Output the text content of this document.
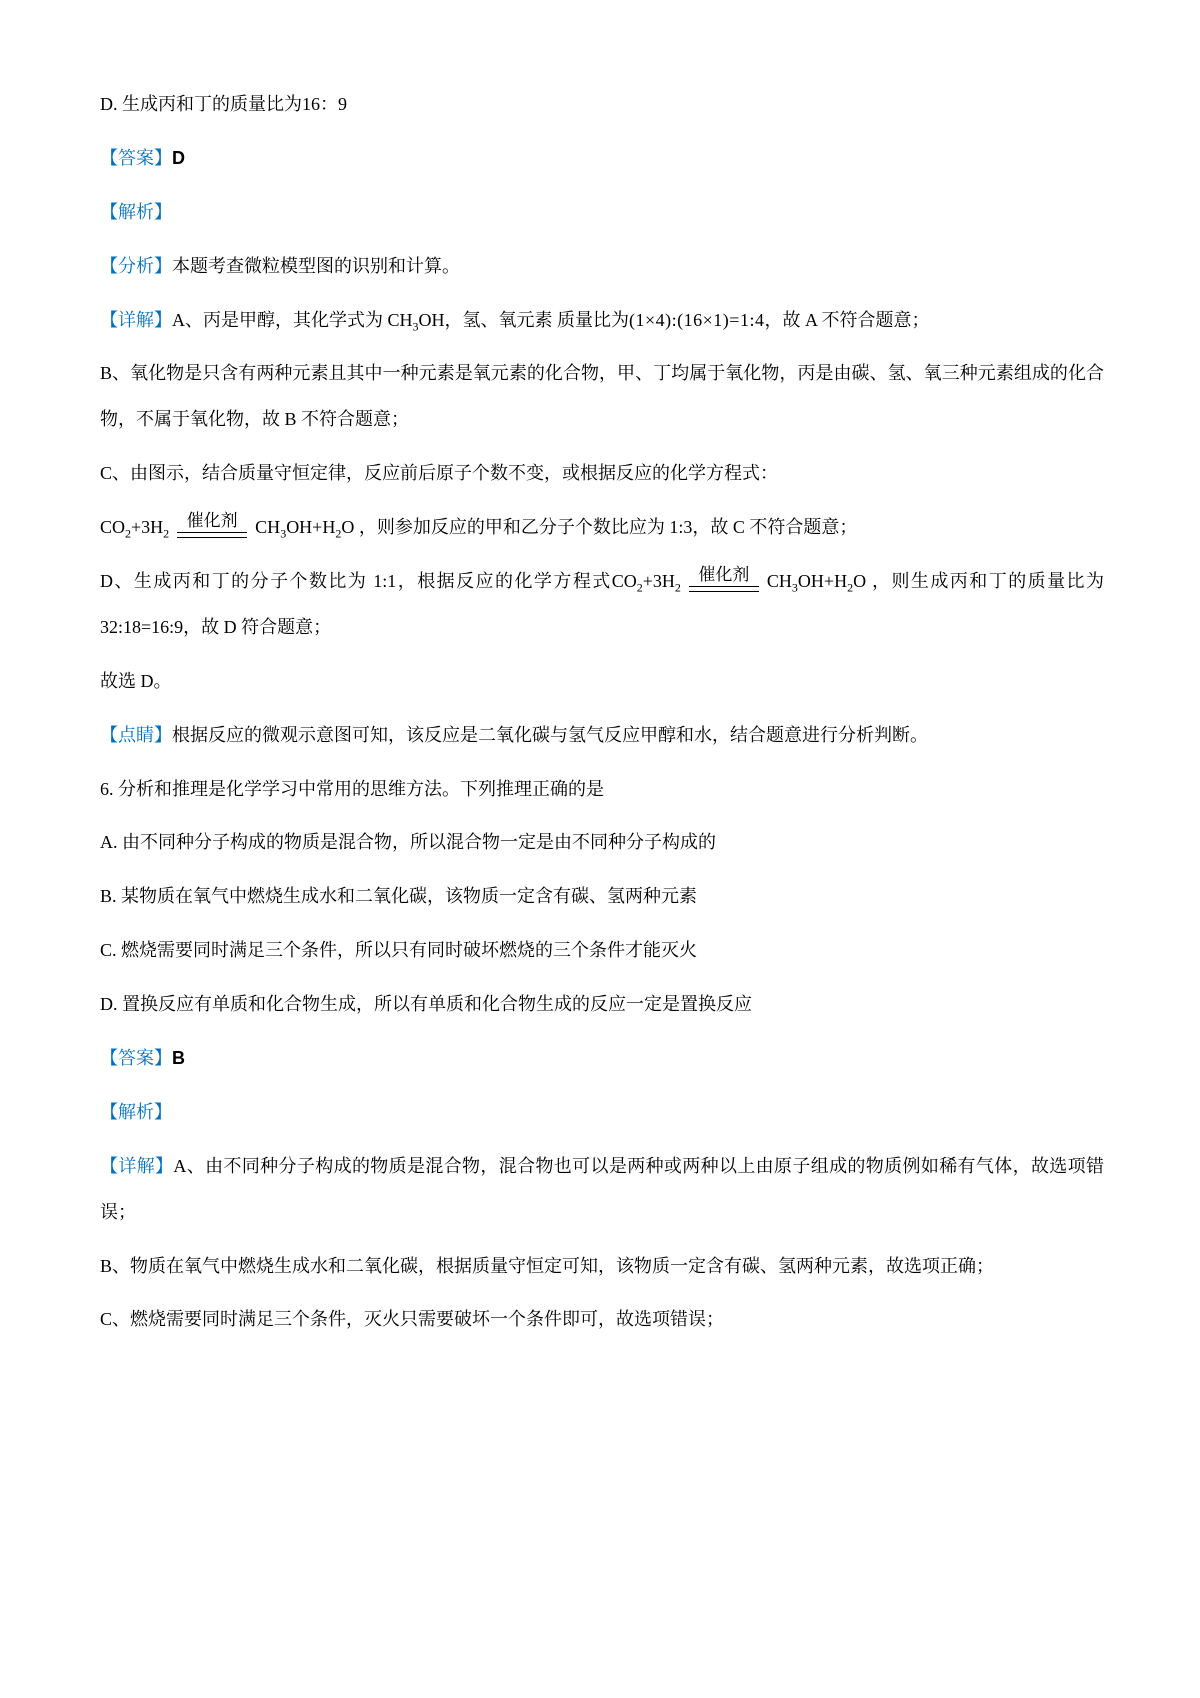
D. 生成丙和丁的质量比为16：9

【答案】D

【解析】

【分析】本题考查微粒模型图的识别和计算。

【详解】A、丙是甲醇，其化学式为 $CH_3OH$，氢、氧元素 质量比为(1×4):(16×1)=1:4，故 A 不符合题意；

B、氧化物是只含有两种元素且其中一种元素是氧元素的化合物，甲、丁均属于氧化物，丙是由碳、氢、氧三种元素组成的化合物，不属于氧化物，故 B 不符合题意；

C、由图示，结合质量守恒定律，反应前后原子个数不变，或根据反应的化学方程式：

$CO_2+3H_2$
催化剂 $CH_3OH+H_2O$ ，则参加反应的甲和乙分子个数比应为 1:3，故 C 不符合题意；

D、生成丙和丁的分子个数比为 1:1，根据反应的化学方程式$CO_2+3H_2$
催化剂 $CH_3OH+H_2O$ ，则生成丙和丁的质量比为 32:18=16:9，故 D 符合题意；

故选 D。

【点睛】根据反应的微观示意图可知，该反应是二氧化碳与氢气反应甲醇和水，结合题意进行分析判断。

6. 分析和推理是化学学习中常用的思维方法。下列推理正确的是

A. 由不同种分子构成的物质是混合物，所以混合物一定是由不同种分子构成的

B. 某物质在氧气中燃烧生成水和二氧化碳，该物质一定含有碳、氢两种元素

C. 燃烧需要同时满足三个条件，所以只有同时破坏燃烧的三个条件才能灭火

D. 置换反应有单质和化合物生成，所以有单质和化合物生成的反应一定是置换反应

【答案】B

【解析】

【详解】A、由不同种分子构成的物质是混合物，混合物也可以是两种或两种以上由原子组成的物质例如稀有气体，故选项错误；

B、物质在氧气中燃烧生成水和二氧化碳，根据质量守恒定可知，该物质一定含有碳、氢两种元素，故选项正确；

C、燃烧需要同时满足三个条件，灭火只需要破坏一个条件即可，故选项错误；
